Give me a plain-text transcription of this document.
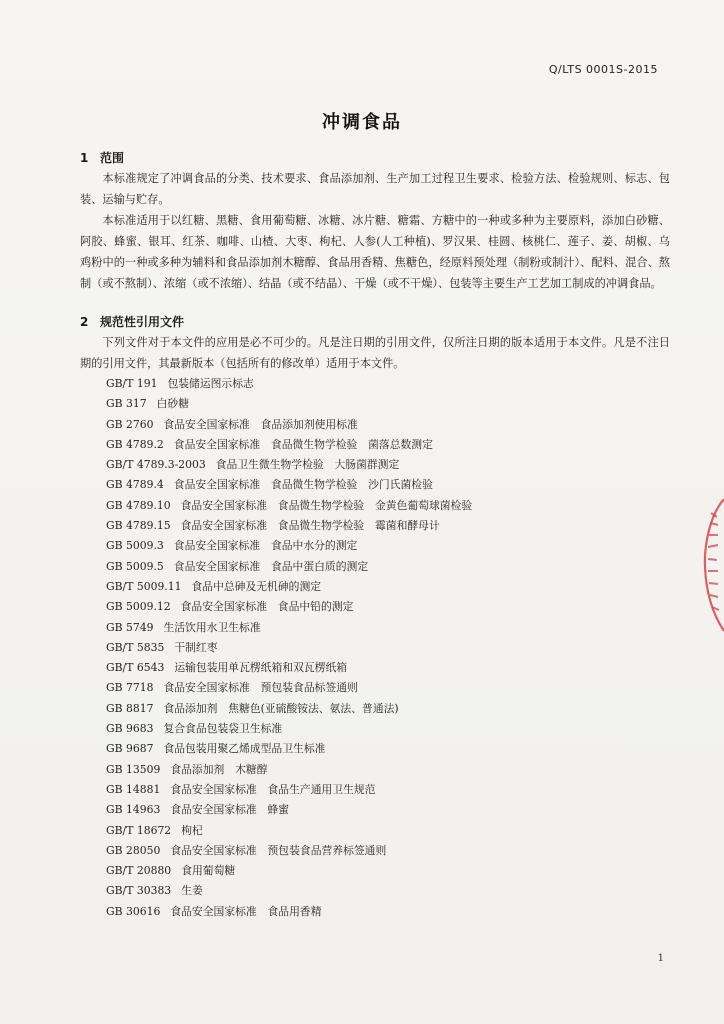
Q/LTS 0001S-2015
冲调食品
1 范围
本标准规定了冲调食品的分类、技术要求、食品添加剂、生产加工过程卫生要求、检验方法、检验规则、标志、包装、运输与贮存。
本标准适用于以红糖、黑糖、食用葡萄糖、冰糖、冰片糖、糖霜、方糖中的一种或多种为主要原料，添加白砂糖、阿胶、蜂蜜、银耳、红茶、咖啡、山楂、大枣、枸杞、人参(人工种植)、罗汉果、桂圆、核桃仁、莲子、姜、胡椒、乌鸡粉中的一种或多种为辅料和食品添加剂木糖醇、食品用香精、焦糖色，经原料预处理（制粉或制汁）、配料、混合、熬制（或不熬制）、浓缩（或不浓缩）、结晶（或不结晶）、干燥（或不干燥）、包装等主要生产工艺加工制成的冲调食品。
2 规范性引用文件
下列文件对于本文件的应用是必不可少的。凡是注日期的引用文件，仅所注日期的版本适用于本文件。凡是不注日期的引用文件，其最新版本（包括所有的修改单）适用于本文件。
GB/T 191 包装储运图示标志
GB 317 白砂糖
GB 2760 食品安全国家标准　食品添加剂使用标准
GB 4789.2 食品安全国家标准　食品微生物学检验　菌落总数测定
GB/T 4789.3-2003 食品卫生微生物学检验　大肠菌群测定
GB 4789.4 食品安全国家标准　食品微生物学检验　沙门氏菌检验
GB 4789.10 食品安全国家标准　食品微生物学检验　金黄色葡萄球菌检验
GB 4789.15 食品安全国家标准　食品微生物学检验　霉菌和酵母计
GB 5009.3 食品安全国家标准　食品中水分的测定
GB 5009.5 食品安全国家标准　食品中蛋白质的测定
GB/T 5009.11 食品中总砷及无机砷的测定
GB 5009.12 食品安全国家标准　食品中铅的测定
GB 5749 生活饮用水卫生标准
GB/T 5835 干制红枣
GB/T 6543 运输包装用单瓦楞纸箱和双瓦楞纸箱
GB 7718 食品安全国家标准　预包装食品标签通则
GB 8817 食品添加剂　焦糖色(亚硫酸铵法、氨法、普通法)
GB 9683 复合食品包装袋卫生标准
GB 9687 食品包装用聚乙烯成型品卫生标准
GB 13509 食品添加剂　木糖醇
GB 14881 食品安全国家标准　食品生产通用卫生规范
GB 14963 食品安全国家标准　蜂蜜
GB/T 18672 枸杞
GB 28050 食品安全国家标准　预包装食品营养标签通则
GB/T 20880 食用葡萄糖
GB/T 30383 生姜
GB 30616 食品安全国家标准　食品用香精
1
